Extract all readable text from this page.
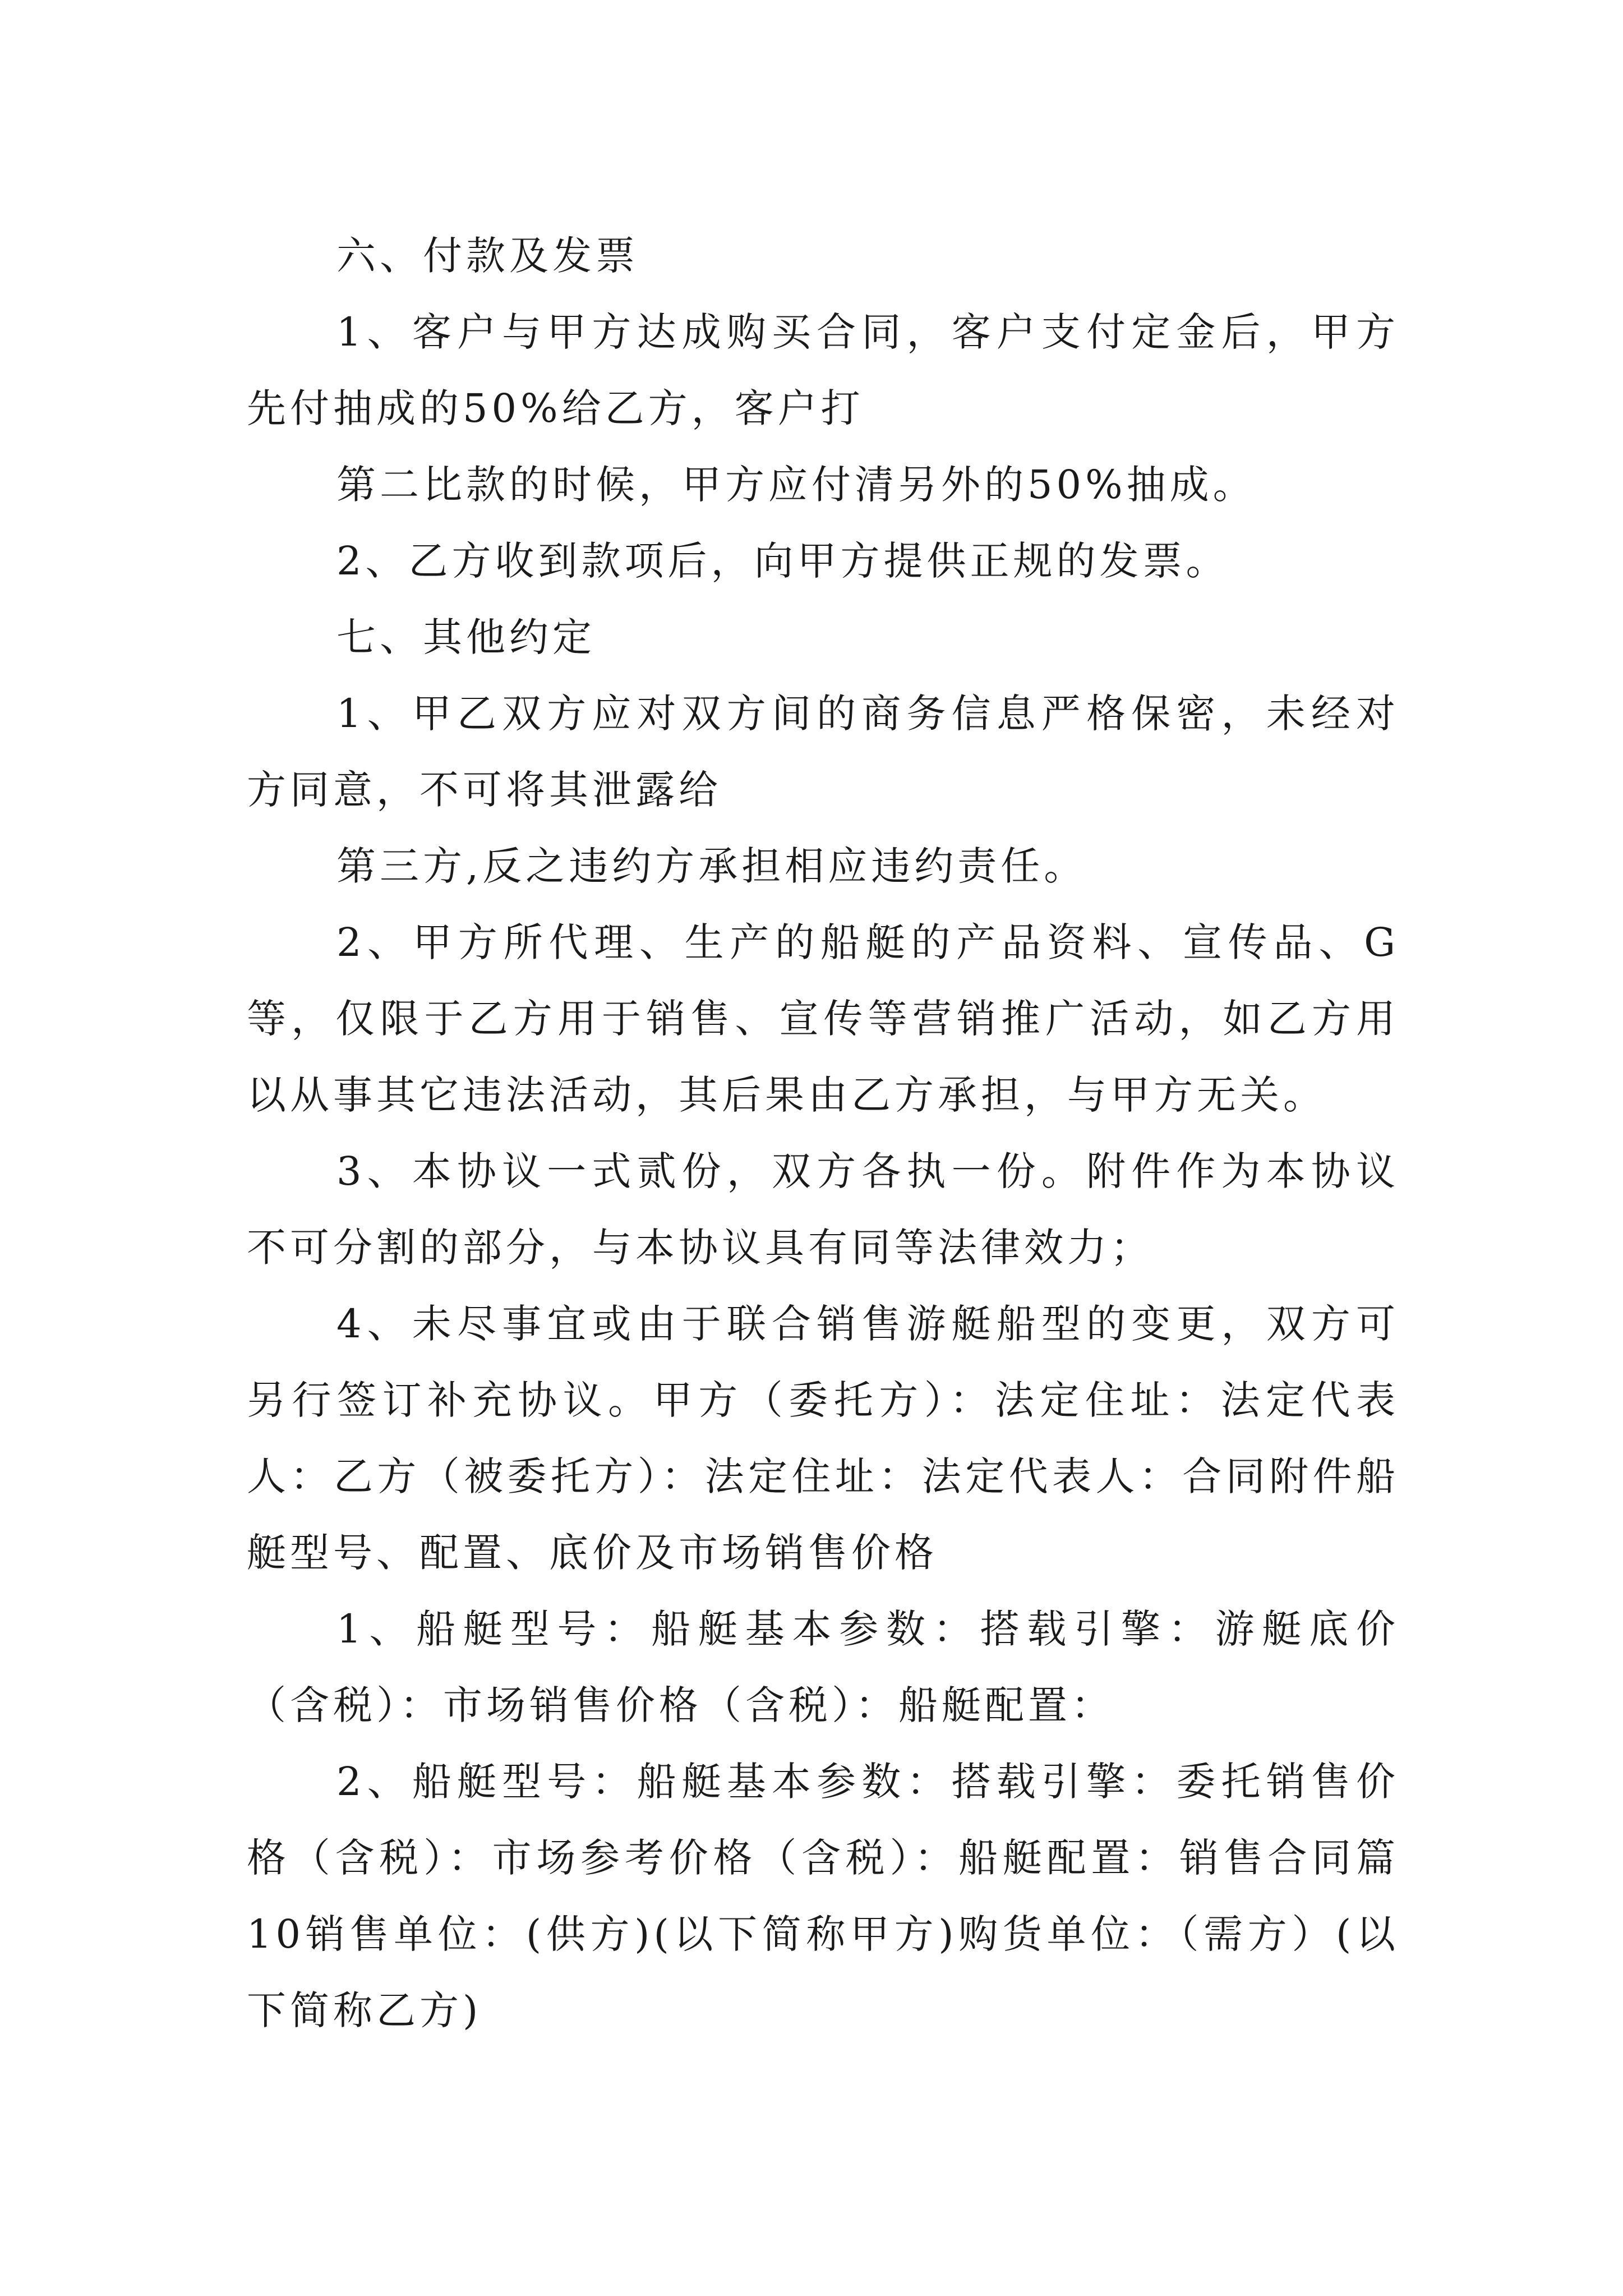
六、付款及发票

1、客户与甲方达成购买合同，客户支付定金后，甲方先付抽成的50%给乙方，客户打

第二比款的时候，甲方应付清另外的50%抽成。

2、乙方收到款项后，向甲方提供正规的发票。

七、其他约定

1、甲乙双方应对双方间的商务信息严格保密，未经对方同意，不可将其泄露给

第三方,反之违约方承担相应违约责任。

2、甲方所代理、生产的船艇的产品资料、宣传品、G等，仅限于乙方用于销售、宣传等营销推广活动，如乙方用以从事其它违法活动，其后果由乙方承担，与甲方无关。

3、本协议一式贰份，双方各执一份。附件作为本协议不可分割的部分，与本协议具有同等法律效力；

4、未尽事宜或由于联合销售游艇船型的变更，双方可另行签订补充协议。甲方（委托方）：法定住址：法定代表人：乙方（被委托方）：法定住址：法定代表人：合同附件船艇型号、配置、底价及市场销售价格

1、船艇型号：船艇基本参数：搭载引擎：游艇底价（含税）：市场销售价格（含税）：船艇配置：

2、船艇型号：船艇基本参数：搭载引擎：委托销售价格（含税）：市场参考价格（含税）：船艇配置：销售合同篇10销售单位：(供方)(以下简称甲方)购货单位：（需方）(以下简称乙方)
